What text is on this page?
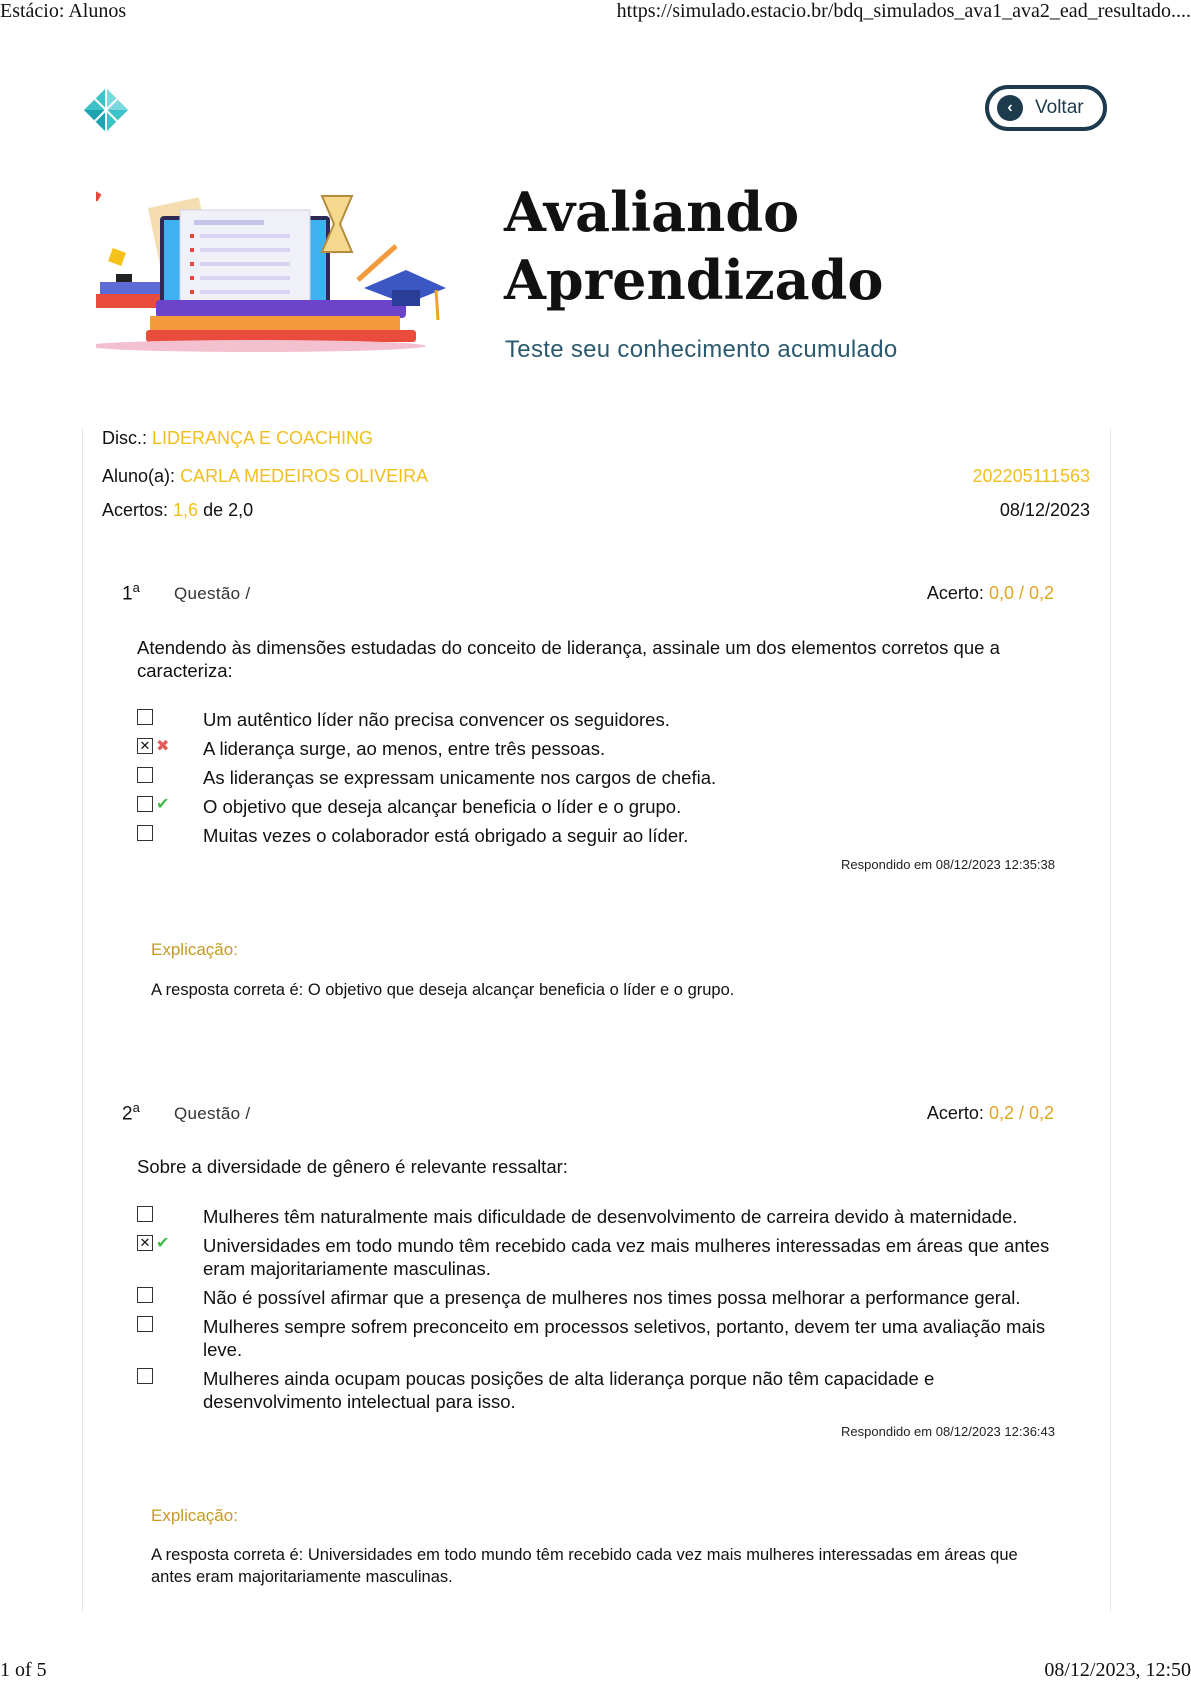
Estácio: Alunos	https://simulado.estacio.br/bdq_simulados_ava1_ava2_ead_resultado....
1 of 5	08/12/2023, 12:50
‹	Voltar
Avaliando
Aprendizado
Teste seu conhecimento acumulado
Disc.: LIDERANÇA E COACHING
Aluno(a): CARLA MEDEIROS OLIVEIRA	202205111563
Acertos: 1,6 de 2,0	08/12/2023
1$^a$ Questão /	Acerto: 0,0 / 0,2
Atendendo às dimensões estudadas do conceito de liderança, assinale um dos elementos corretos que a caracteriza:
Um autêntico líder não precisa convencer os seguidores.
✕ ✖ A liderança surge, ao menos, entre três pessoas.
As lideranças se expressam unicamente nos cargos de chefia.
✔ O objetivo que deseja alcançar beneficia o líder e o grupo.
Muitas vezes o colaborador está obrigado a seguir ao líder.
Respondido em 08/12/2023 12:35:38
Explicação:
A resposta correta é: O objetivo que deseja alcançar beneficia o líder e o grupo.
2$^a$ Questão /	Acerto: 0,2 / 0,2
Sobre a diversidade de gênero é relevante ressaltar:
Mulheres têm naturalmente mais dificuldade de desenvolvimento de carreira devido à maternidade.
✕ ✔ Universidades em todo mundo têm recebido cada vez mais mulheres interessadas em áreas que antes eram majoritariamente masculinas.
Não é possível afirmar que a presença de mulheres nos times possa melhorar a performance geral.
Mulheres sempre sofrem preconceito em processos seletivos, portanto, devem ter uma avaliação mais leve.
Mulheres ainda ocupam poucas posições de alta liderança porque não têm capacidade e desenvolvimento intelectual para isso.
Respondido em 08/12/2023 12:36:43
Explicação:
A resposta correta é: Universidades em todo mundo têm recebido cada vez mais mulheres interessadas em áreas que antes eram majoritariamente masculinas.
